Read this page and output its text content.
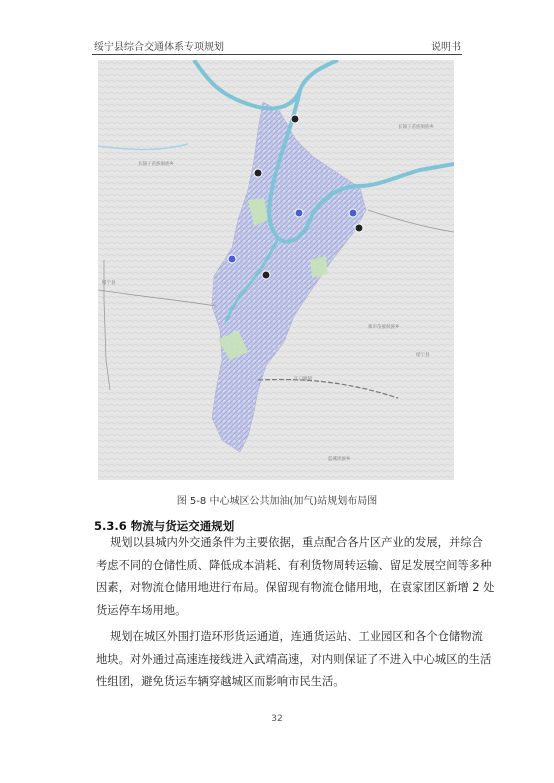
绥宁县综合交通体系专项规划	说明书
绥宁县
长铺子苗族侗族乡
长铺子苗族侗族乡
寨市苗族侗族乡
绥宁县
江口塘镇
蓝溪瑶族乡
图 5-8 中心城区公共加油(加气)站规划布局图
5.3.6 物流与货运交通规划
规划以县城内外交通条件为主要依据，重点配合各片区产业的发展，并综合
考虑不同的仓储性质、降低成本消耗、有利货物周转运输、留足发展空间等多种
因素，对物流仓储用地进行布局。保留现有物流仓储用地，在袁家团区新增 2 处
货运停车场用地。
规划在城区外围打造环形货运通道，连通货运站、工业园区和各个仓储物流
地块。对外通过高速连接线进入武靖高速，对内则保证了不进入中心城区的生活
性组团，避免货运车辆穿越城区而影响市民生活。
32
